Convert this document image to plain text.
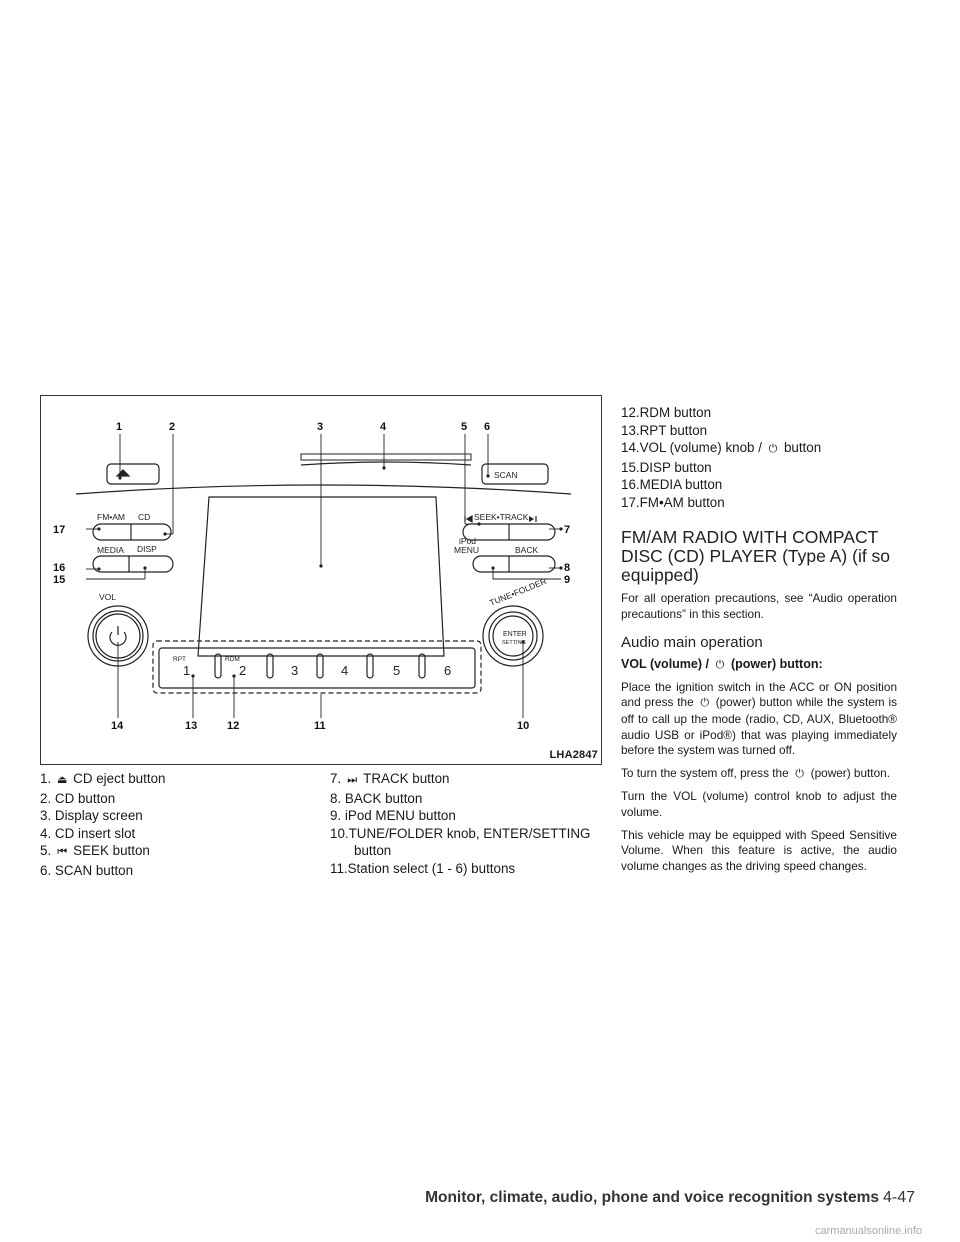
1	2	3	4	5 6
7
8
9
10
11
12
13
14
15
16
17
FM•AM CD
MEDIA DISP
VOL
SCAN
SEEK•TRACK
iPod
MENU	BACK
TUNE•FOLDER
ENTER
SETTING
RPT	RDM
1	2	3	4	5	6
LHA2847
1. ⏏ CD eject button
2. CD button
3. Display screen
4. CD insert slot
5. ⏮ SEEK button
6. SCAN button
7. ⏭ TRACK button
8. BACK button
9. iPod MENU button
10.TUNE/FOLDER knob, ENTER/SETTING
button
11.Station select (1 - 6) buttons
12.RDM button
13.RPT button
14.VOL (volume) knob / ⏻ button
15.DISP button
16.MEDIA button
17.FM•AM button
FM/AM RADIO WITH COMPACT DISC (CD) PLAYER (Type A) (if so equipped)

For all operation precautions, see “Audio operation precautions” in this section.

Audio main operation

VOL (volume) / ⏻ (power) button:

Place the ignition switch in the ACC or ON position and press the ⏻ (power) button while the system is off to call up the mode (radio, CD, AUX, Bluetooth® audio USB or iPod®) that was playing immediately before the system was turned off.

To turn the system off, press the ⏻ (power) button.

Turn the VOL (volume) control knob to adjust the volume.

This vehicle may be equipped with Speed Sensitive Volume. When this feature is active, the audio volume changes as the driving speed changes.

Monitor, climate, audio, phone and voice recognition systems 4-47
carmanualsonline.info
